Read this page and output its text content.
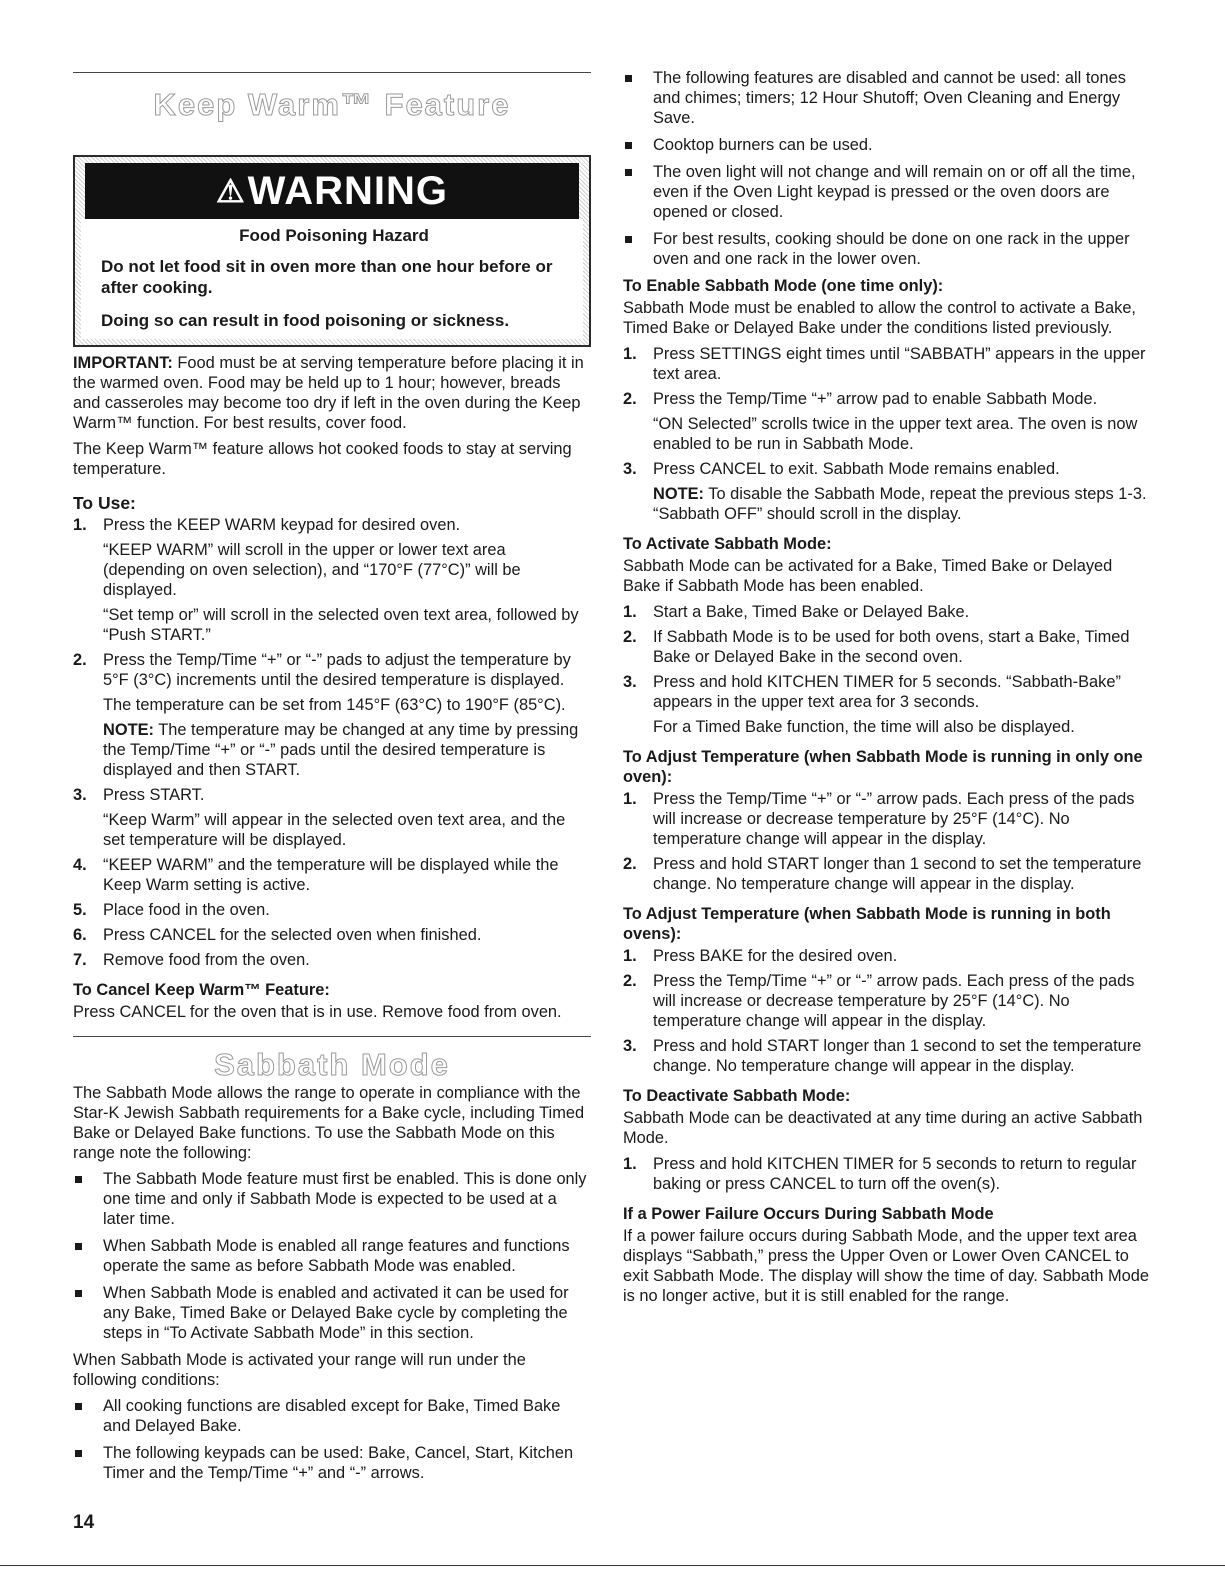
Keep Warm™ Feature
⚠WARNING

Food Poisoning Hazard

Do not let food sit in oven more than one hour before or after cooking.

Doing so can result in food poisoning or sickness.

IMPORTANT: Food must be at serving temperature before placing it in the warmed oven. Food may be held up to 1 hour; however, breads and casseroles may become too dry if left in the oven during the Keep Warm™ function. For best results, cover food.

The Keep Warm™ feature allows hot cooked foods to stay at serving temperature.

To Use:
1. Press the KEEP WARM keypad for desired oven.

“KEEP WARM” will scroll in the upper or lower text area (depending on oven selection), and “170°F (77°C)” will be displayed.

“Set temp or” will scroll in the selected oven text area, followed by “Push START.”

2. Press the Temp/Time “+” or “-” pads to adjust the temperature by 5°F (3°C) increments until the desired temperature is displayed.

The temperature can be set from 145°F (63°C) to 190°F (85°C).

NOTE: The temperature may be changed at any time by pressing the Temp/Time “+” or “-” pads until the desired temperature is displayed and then START.

3. Press START.

“Keep Warm” will appear in the selected oven text area, and the set temperature will be displayed.

4. “KEEP WARM” and the temperature will be displayed while the Keep Warm setting is active.
5. Place food in the oven.
6. Press CANCEL for the selected oven when finished.
7. Remove food from the oven.
To Cancel Keep Warm™ Feature:

Press CANCEL for the oven that is in use. Remove food from oven.

Sabbath Mode

The Sabbath Mode allows the range to operate in compliance with the Star-K Jewish Sabbath requirements for a Bake cycle, including Timed Bake or Delayed Bake functions. To use the Sabbath Mode on this range note the following:

The Sabbath Mode feature must first be enabled. This is done only one time and only if Sabbath Mode is expected to be used at a later time.
When Sabbath Mode is enabled all range features and functions operate the same as before Sabbath Mode was enabled.
When Sabbath Mode is enabled and activated it can be used for any Bake, Timed Bake or Delayed Bake cycle by completing the steps in “To Activate Sabbath Mode” in this section.

When Sabbath Mode is activated your range will run under the following conditions:

All cooking functions are disabled except for Bake, Timed Bake and Delayed Bake.
The following keypads can be used: Bake, Cancel, Start, Kitchen Timer and the Temp/Time “+” and “-” arrows.
The following features are disabled and cannot be used: all tones and chimes; timers; 12 Hour Shutoff; Oven Cleaning and Energy Save.
Cooktop burners can be used.
The oven light will not change and will remain on or off all the time, even if the Oven Light keypad is pressed or the oven doors are opened or closed.
For best results, cooking should be done on one rack in the upper oven and one rack in the lower oven.
To Enable Sabbath Mode (one time only):

Sabbath Mode must be enabled to allow the control to activate a Bake, Timed Bake or Delayed Bake under the conditions listed previously.

1. Press SETTINGS eight times until “SABBATH” appears in the upper text area.
2. Press the Temp/Time “+” arrow pad to enable Sabbath Mode.

“ON Selected” scrolls twice in the upper text area. The oven is now enabled to be run in Sabbath Mode.

3. Press CANCEL to exit. Sabbath Mode remains enabled.

NOTE: To disable the Sabbath Mode, repeat the previous steps 1-3. “Sabbath OFF” should scroll in the display.

To Activate Sabbath Mode:

Sabbath Mode can be activated for a Bake, Timed Bake or Delayed Bake if Sabbath Mode has been enabled.

1. Start a Bake, Timed Bake or Delayed Bake.
2. If Sabbath Mode is to be used for both ovens, start a Bake, Timed Bake or Delayed Bake in the second oven.
3. Press and hold KITCHEN TIMER for 5 seconds. “Sabbath-Bake” appears in the upper text area for 3 seconds.

For a Timed Bake function, the time will also be displayed.

To Adjust Temperature (when Sabbath Mode is running in only one oven):
1. Press the Temp/Time “+” or “-” arrow pads. Each press of the pads will increase or decrease temperature by 25°F (14°C). No temperature change will appear in the display.
2. Press and hold START longer than 1 second to set the temperature change. No temperature change will appear in the display.
To Adjust Temperature (when Sabbath Mode is running in both ovens):
1. Press BAKE for the desired oven.
2. Press the Temp/Time “+” or “-” arrow pads. Each press of the pads will increase or decrease temperature by 25°F (14°C). No temperature change will appear in the display.
3. Press and hold START longer than 1 second to set the temperature change. No temperature change will appear in the display.
To Deactivate Sabbath Mode:

Sabbath Mode can be deactivated at any time during an active Sabbath Mode.

1. Press and hold KITCHEN TIMER for 5 seconds to return to regular baking or press CANCEL to turn off the oven(s).
If a Power Failure Occurs During Sabbath Mode

If a power failure occurs during Sabbath Mode, and the upper text area displays “Sabbath,” press the Upper Oven or Lower Oven CANCEL to exit Sabbath Mode. The display will show the time of day. Sabbath Mode is no longer active, but it is still enabled for the range.

14
